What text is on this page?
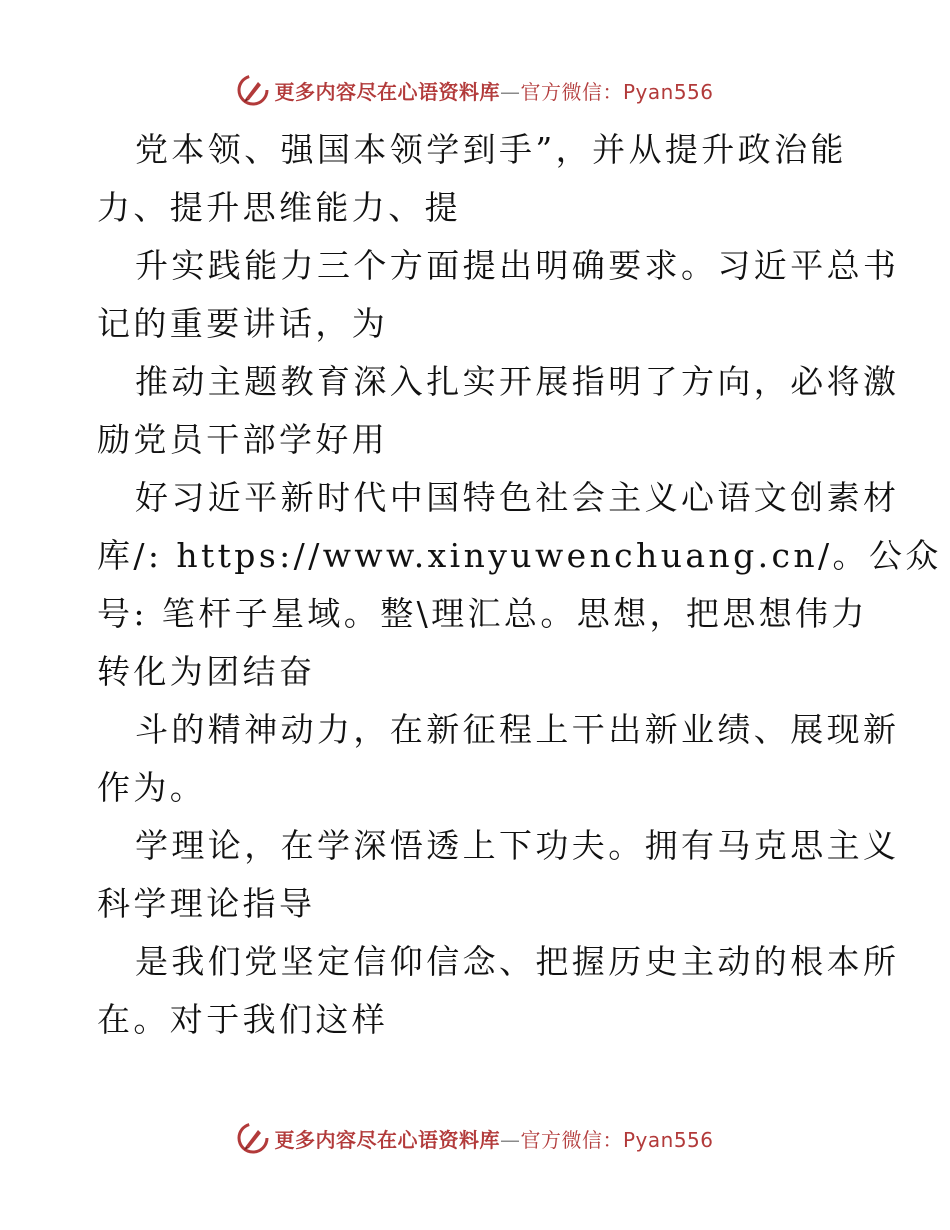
更多内容尽在心语资料库—官方微信：Pyan556
党本领、强国本领学到手”，并从提升政治能
力、提升思维能力、提
升实践能力三个方面提出明确要求。习近平总书
记的重要讲话，为
推动主题教育深入扎实开展指明了方向，必将激
励党员干部学好用
好习近平新时代中国特色社会主义心语文创素材
库/: https://www.xinyuwenchuang.cn/。公众
号: 笔杆子星域。整\理汇总。思想，把思想伟力
转化为团结奋
斗的精神动力，在新征程上干出新业绩、展现新
作为。
学理论，在学深悟透上下功夫。拥有马克思主义
科学理论指导
是我们党坚定信仰信念、把握历史主动的根本所
在。对于我们这样
更多内容尽在心语资料库—官方微信：Pyan556
